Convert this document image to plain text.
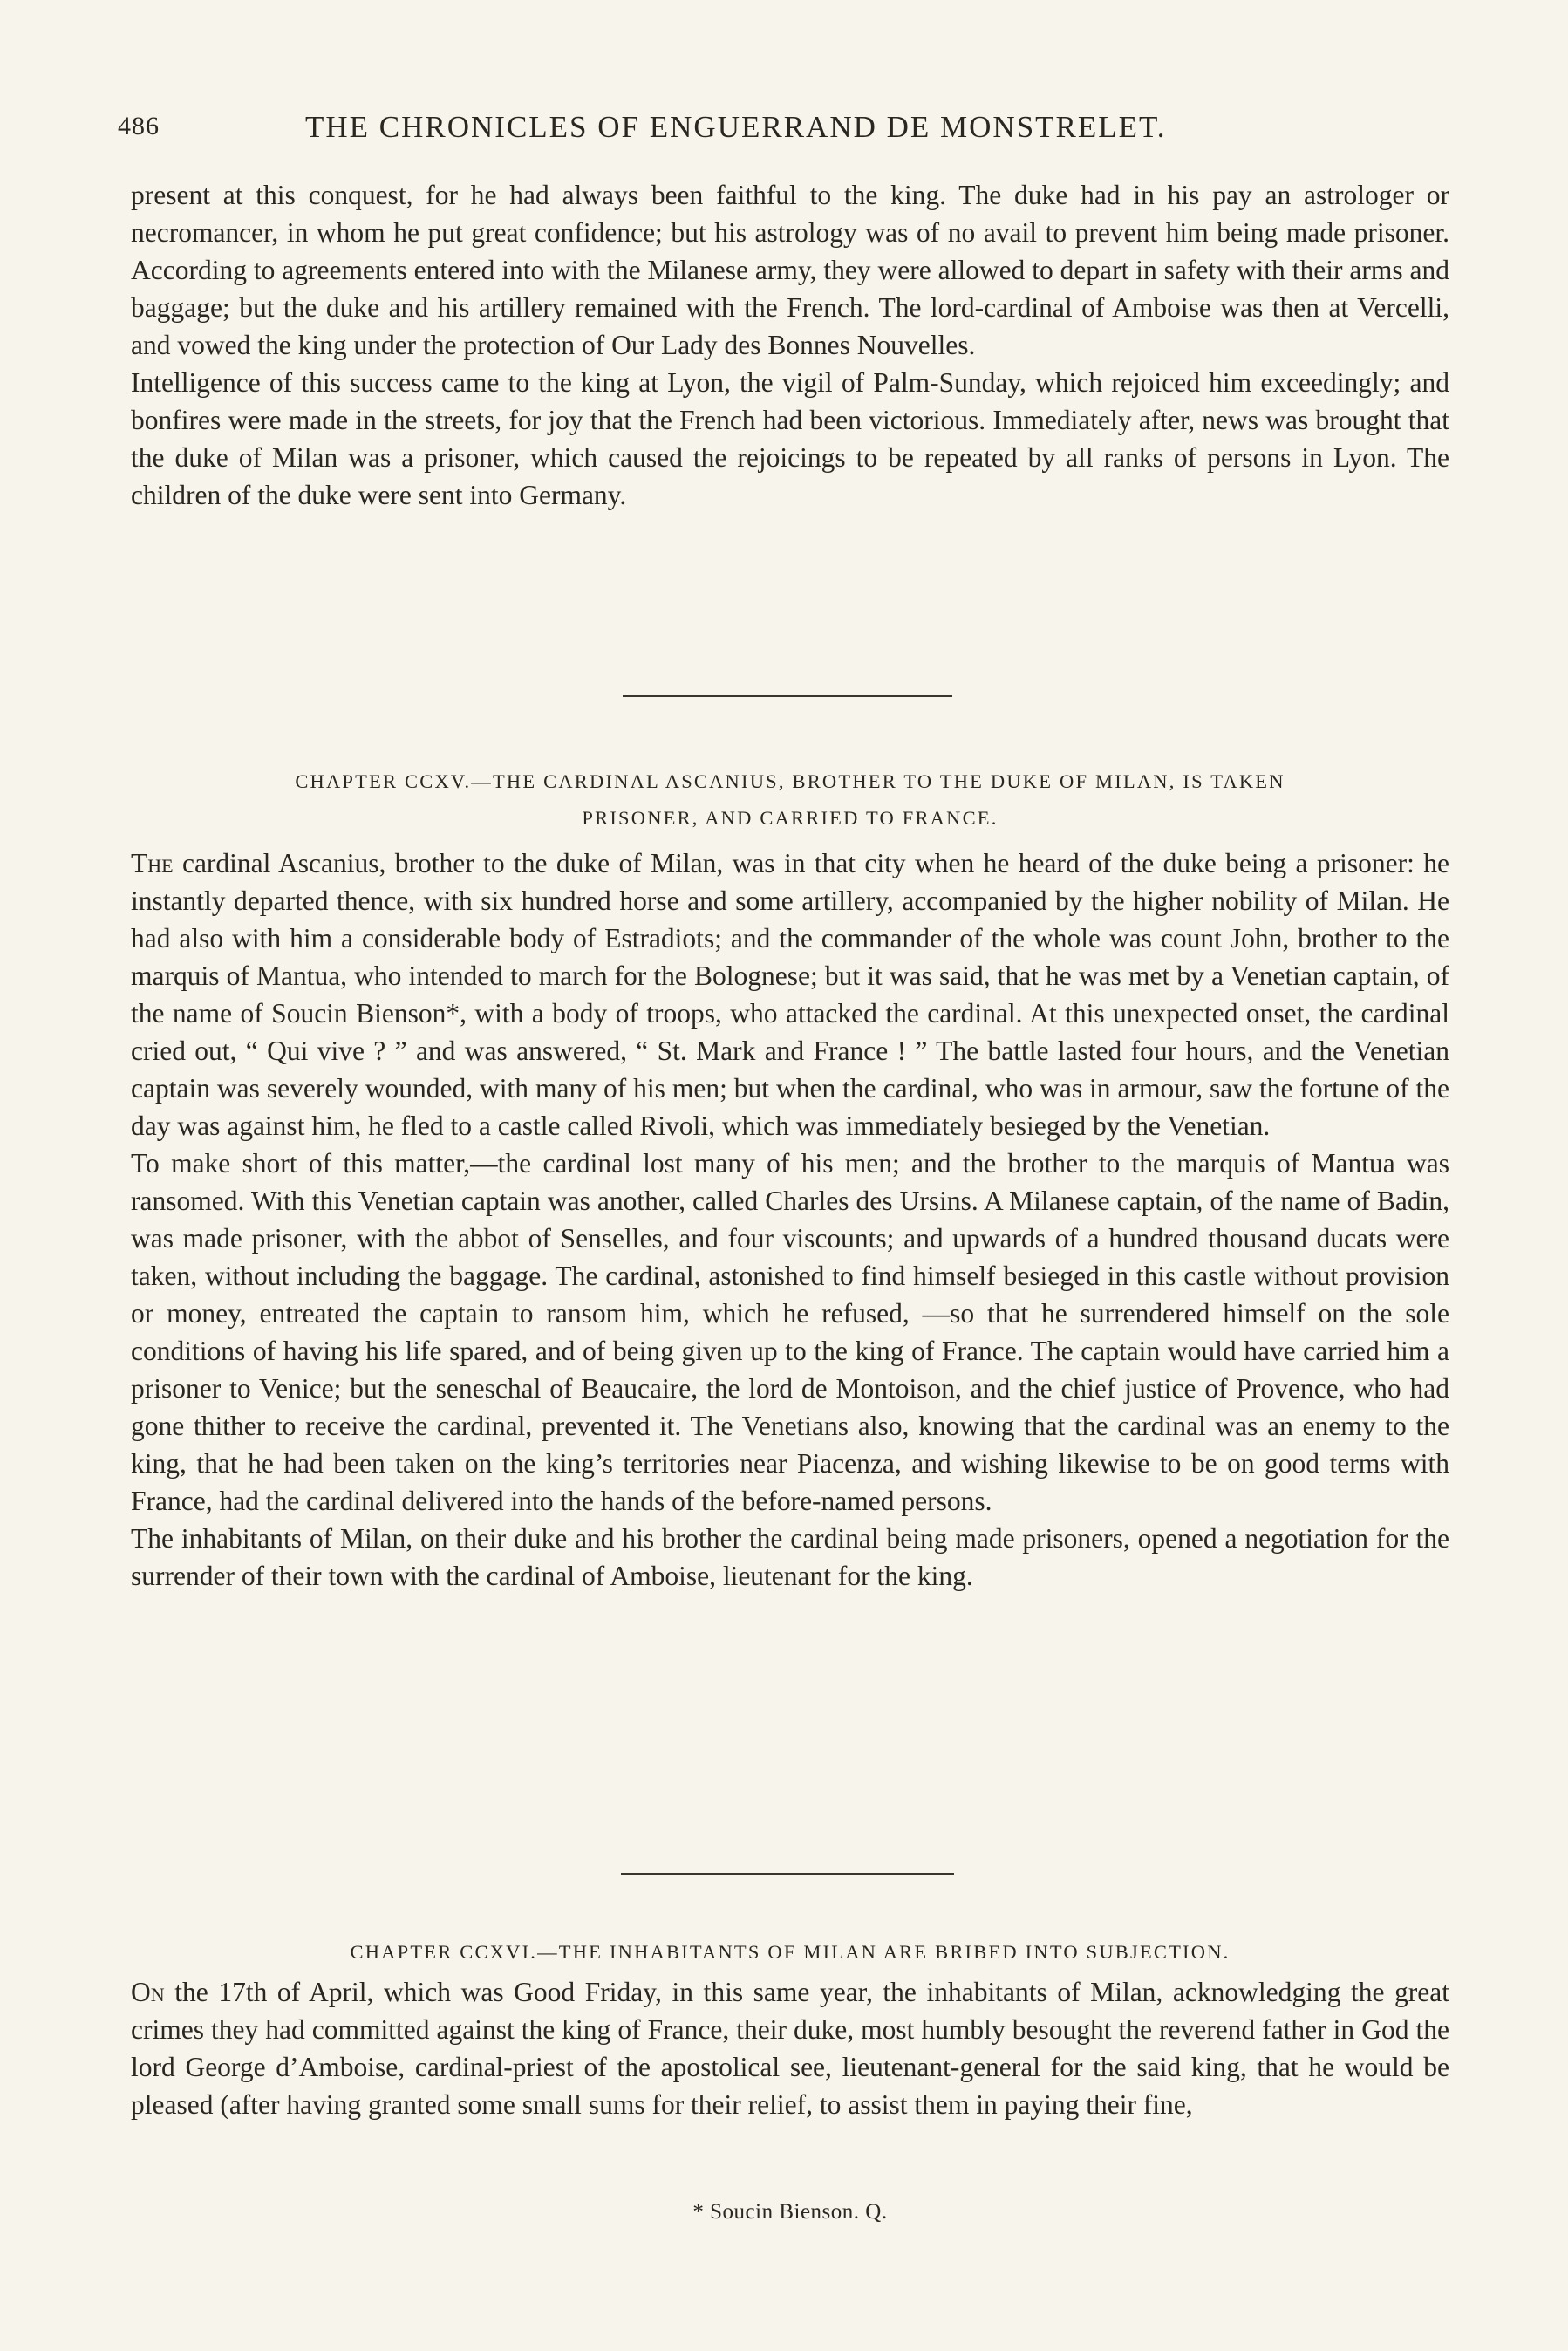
486	THE CHRONICLES OF ENGUERRAND DE MONSTRELET.

present at this conquest, for he had always been faithful to the king. The duke had in his pay an astrologer or necromancer, in whom he put great confidence; but his astrology was of no avail to prevent him being made prisoner. According to agreements entered into with the Milanese army, they were allowed to depart in safety with their arms and baggage; but the duke and his artillery remained with the French. The lord-cardinal of Amboise was then at Vercelli, and vowed the king under the protection of Our Lady des Bonnes Nouvelles.

Intelligence of this success came to the king at Lyon, the vigil of Palm-Sunday, which rejoiced him exceedingly; and bonfires were made in the streets, for joy that the French had been victorious. Immediately after, news was brought that the duke of Milan was a prisoner, which caused the rejoicings to be repeated by all ranks of persons in Lyon. The children of the duke were sent into Germany.

CHAPTER CCXV.—THE CARDINAL ASCANIUS, BROTHER TO THE DUKE OF MILAN, IS TAKEN
PRISONER, AND CARRIED TO FRANCE.

The cardinal Ascanius, brother to the duke of Milan, was in that city when he heard of the duke being a prisoner: he instantly departed thence, with six hundred horse and some artillery, accompanied by the higher nobility of Milan. He had also with him a considerable body of Estradiots; and the commander of the whole was count John, brother to the marquis of Mantua, who intended to march for the Bolognese; but it was said, that he was met by a Venetian captain, of the name of Soucin Bienson*, with a body of troops, who attacked the cardinal. At this unexpected onset, the cardinal cried out, “ Qui vive ? ” and was answered, “ St. Mark and France ! ” The battle lasted four hours, and the Venetian captain was severely wounded, with many of his men; but when the cardinal, who was in armour, saw the fortune of the day was against him, he fled to a castle called Rivoli, which was immediately besieged by the Venetian.

To make short of this matter,—the cardinal lost many of his men; and the brother to the marquis of Mantua was ransomed. With this Venetian captain was another, called Charles des Ursins. A Milanese captain, of the name of Badin, was made prisoner, with the abbot of Senselles, and four viscounts; and upwards of a hundred thousand ducats were taken, without including the baggage. The cardinal, astonished to find himself besieged in this castle without provision or money, entreated the captain to ransom him, which he refused, —so that he surrendered himself on the sole conditions of having his life spared, and of being given up to the king of France. The captain would have carried him a prisoner to Venice; but the seneschal of Beaucaire, the lord de Montoison, and the chief justice of Provence, who had gone thither to receive the cardinal, prevented it. The Venetians also, knowing that the cardinal was an enemy to the king, that he had been taken on the king’s territories near Piacenza, and wishing likewise to be on good terms with France, had the cardinal delivered into the hands of the before-named persons.

The inhabitants of Milan, on their duke and his brother the cardinal being made prisoners, opened a negotiation for the surrender of their town with the cardinal of Amboise, lieutenant for the king.

CHAPTER CCXVI.—THE INHABITANTS OF MILAN ARE BRIBED INTO SUBJECTION.

On the 17th of April, which was Good Friday, in this same year, the inhabitants of Milan, acknowledging the great crimes they had committed against the king of France, their duke, most humbly besought the reverend father in God the lord George d’Amboise, cardinal-priest of the apostolical see, lieutenant-general for the said king, that he would be pleased (after having granted some small sums for their relief, to assist them in paying their fine,

* Soucin Bienson. Q.
